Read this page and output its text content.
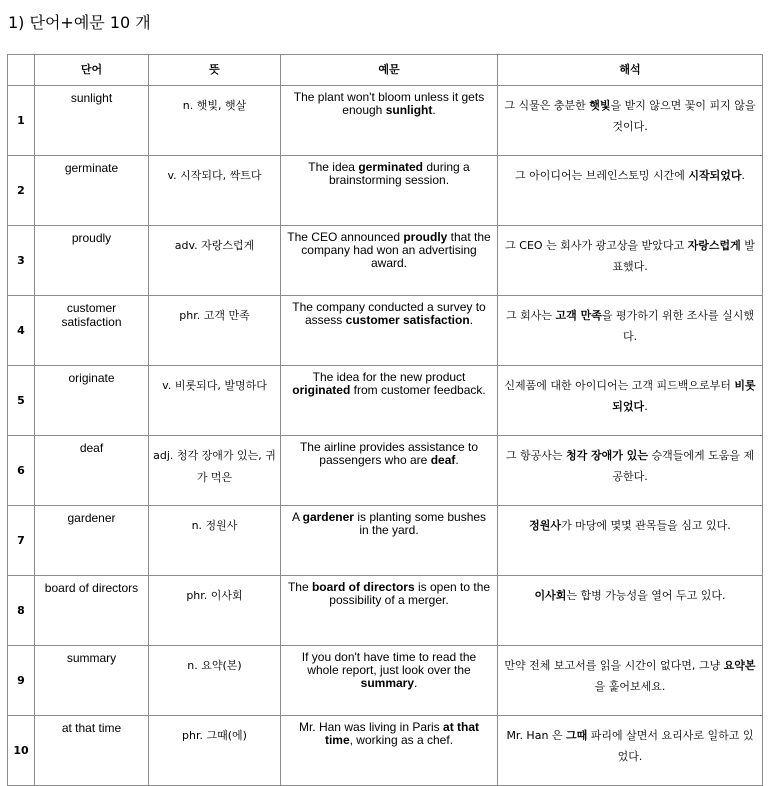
1) 단어+예문 10 개
	단어	뜻	예문	해석
1	sunlight	n. 햇빛, 햇살	The plant won't bloom unless it gets enough sunlight.	그 식물은 충분한 햇빛을 받지 않으면 꽃이 피지 않을 것이다.
2	germinate	v. 시작되다, 싹트다	The idea germinated during a brainstorming session.	그 아이디어는 브레인스토밍 시간에 시작되었다.
3	proudly	adv. 자랑스럽게	The CEO announced proudly that the company had won an advertising award.	그 CEO 는 회사가 광고상을 받았다고 자랑스럽게 발표했다.
4	customer satisfaction	phr. 고객 만족	The company conducted a survey to assess customer satisfaction.	그 회사는 고객 만족을 평가하기 위한 조사를 실시했다.
5	originate	v. 비롯되다, 발명하다	The idea for the new product originated from customer feedback.	신제품에 대한 아이디어는 고객 피드백으로부터 비롯되었다.
6	deaf	adj. 청각 장애가 있는, 귀가 먹은	The airline provides assistance to passengers who are deaf.	그 항공사는 청각 장애가 있는 승객들에게 도움을 제공한다.
7	gardener	n. 정원사	A gardener is planting some bushes in the yard.	정원사가 마당에 몇몇 관목들을 심고 있다.
8	board of directors	phr. 이사회	The board of directors is open to the possibility of a merger.	이사회는 합병 가능성을 열어 두고 있다.
9	summary	n. 요약(본)	If you don't have time to read the whole report, just look over the summary.	만약 전체 보고서를 읽을 시간이 없다면, 그냥 요약본을 훑어보세요.
10	at that time	phr. 그때(에)	Mr. Han was living in Paris at that time, working as a chef.	Mr. Han 은 그때 파리에 살면서 요리사로 일하고 있었다.
